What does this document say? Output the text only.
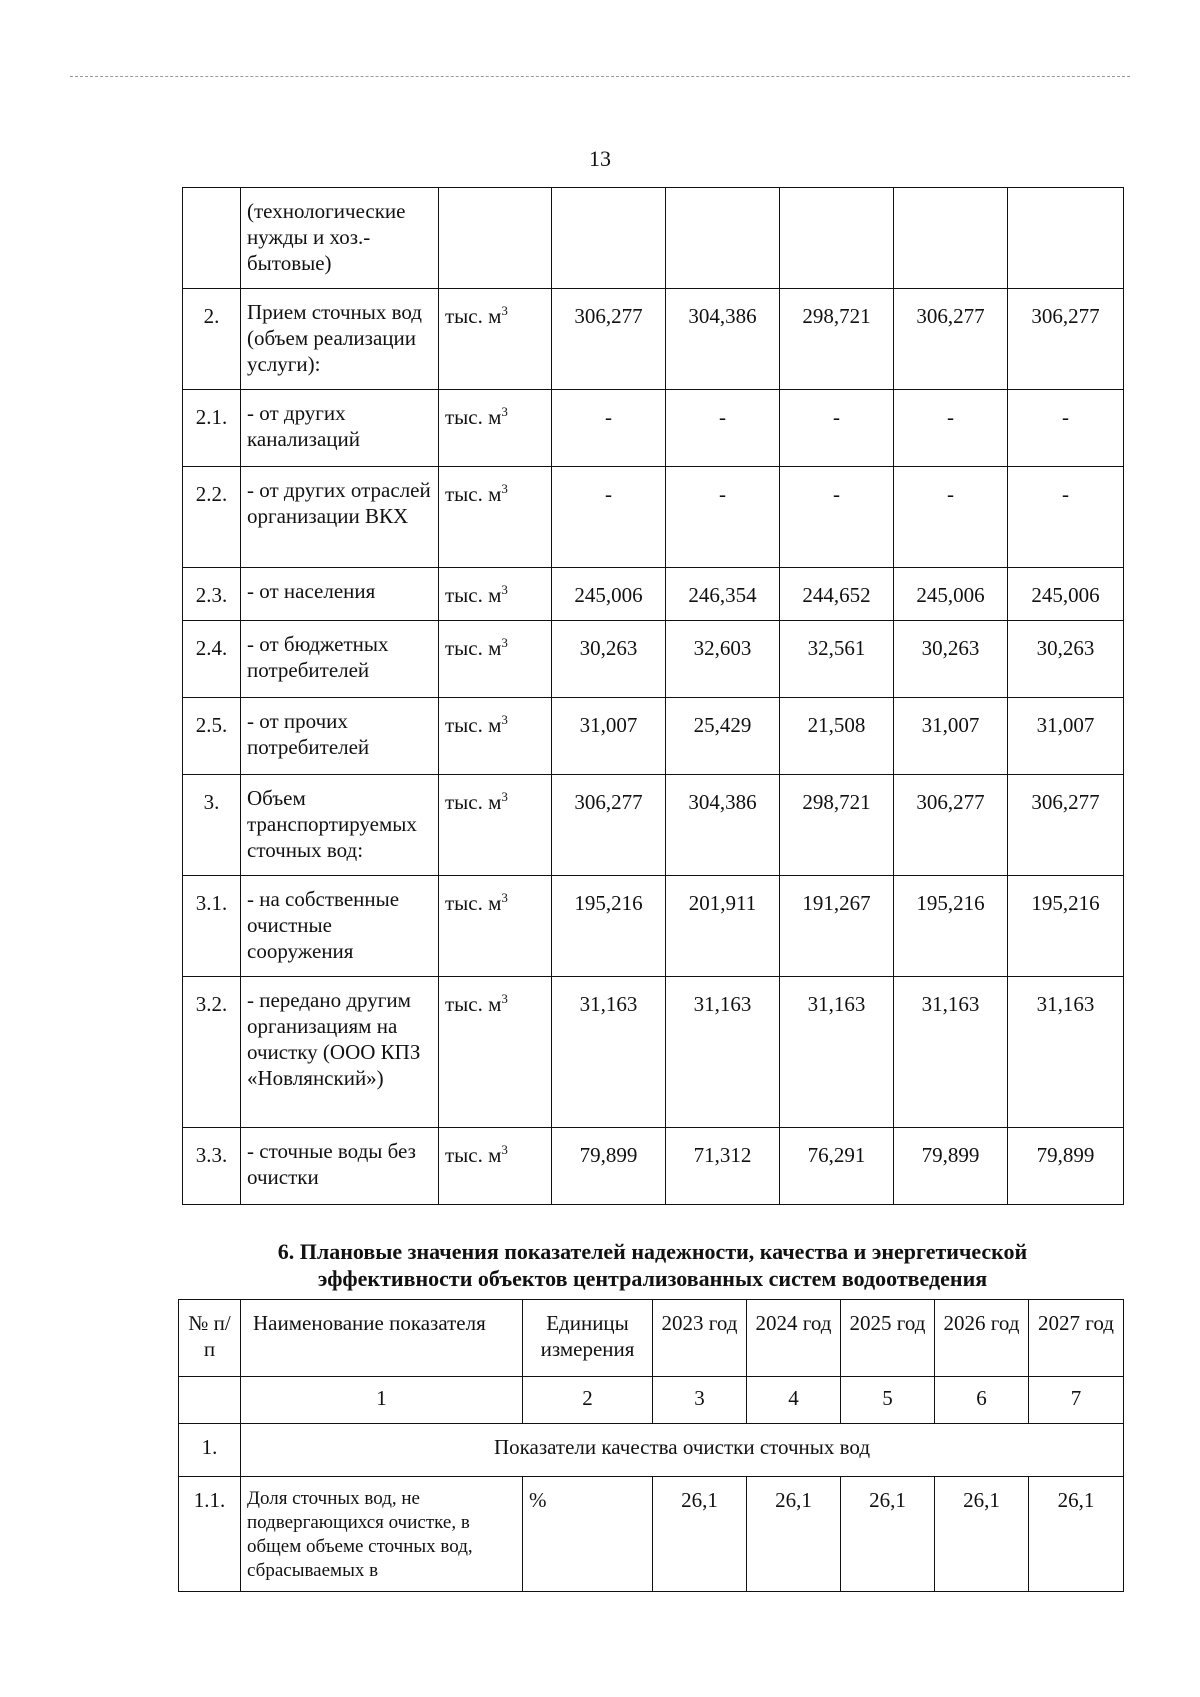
13
	(технологические нужды и хоз.-бытовые)						
2.	Прием сточных вод (объем реализации услуги):	тыс. $м^3$	306,277	304,386	298,721	306,277	306,277
2.1.	- от других канализаций	тыс. $м^3$	-	-	-	-	-
2.2.	- от других отраслей организации ВКХ	тыс. $м^3$	-	-	-	-	-
2.3.	- от населения	тыс. $м^3$	245,006	246,354	244,652	245,006	245,006
2.4.	- от бюджетных потребителей	тыс. $м^3$	30,263	32,603	32,561	30,263	30,263
2.5.	- от прочих потребителей	тыс. $м^3$	31,007	25,429	21,508	31,007	31,007
3.	Объем транспортируемых сточных вод:	тыс. $м^3$	306,277	304,386	298,721	306,277	306,277
3.1.	- на собственные очистные сооружения	тыс. $м^3$	195,216	201,911	191,267	195,216	195,216
3.2.	- передано другим организациям на очистку (ООО КПЗ «Новлянский»)	тыс. $м^3$	31,163	31,163	31,163	31,163	31,163
3.3.	- сточные воды без очистки	тыс. $м^3$	79,899	71,312	76,291	79,899	79,899
6. Плановые значения показателей надежности, качества и энергетической
эффективности объектов централизованных систем водоотведения
№ п/п	Наименование показателя	Единицы измерения	2023 год	2024 год	2025 год	2026 год	2027 год
	1	2	3	4	5	6	7
1.	Показатели качества очистки сточных вод						
1.1.	Доля сточных вод, не подвергающихся очистке, в общем объеме сточных вод, сбрасываемых в	%	26,1	26,1	26,1	26,1	26,1
